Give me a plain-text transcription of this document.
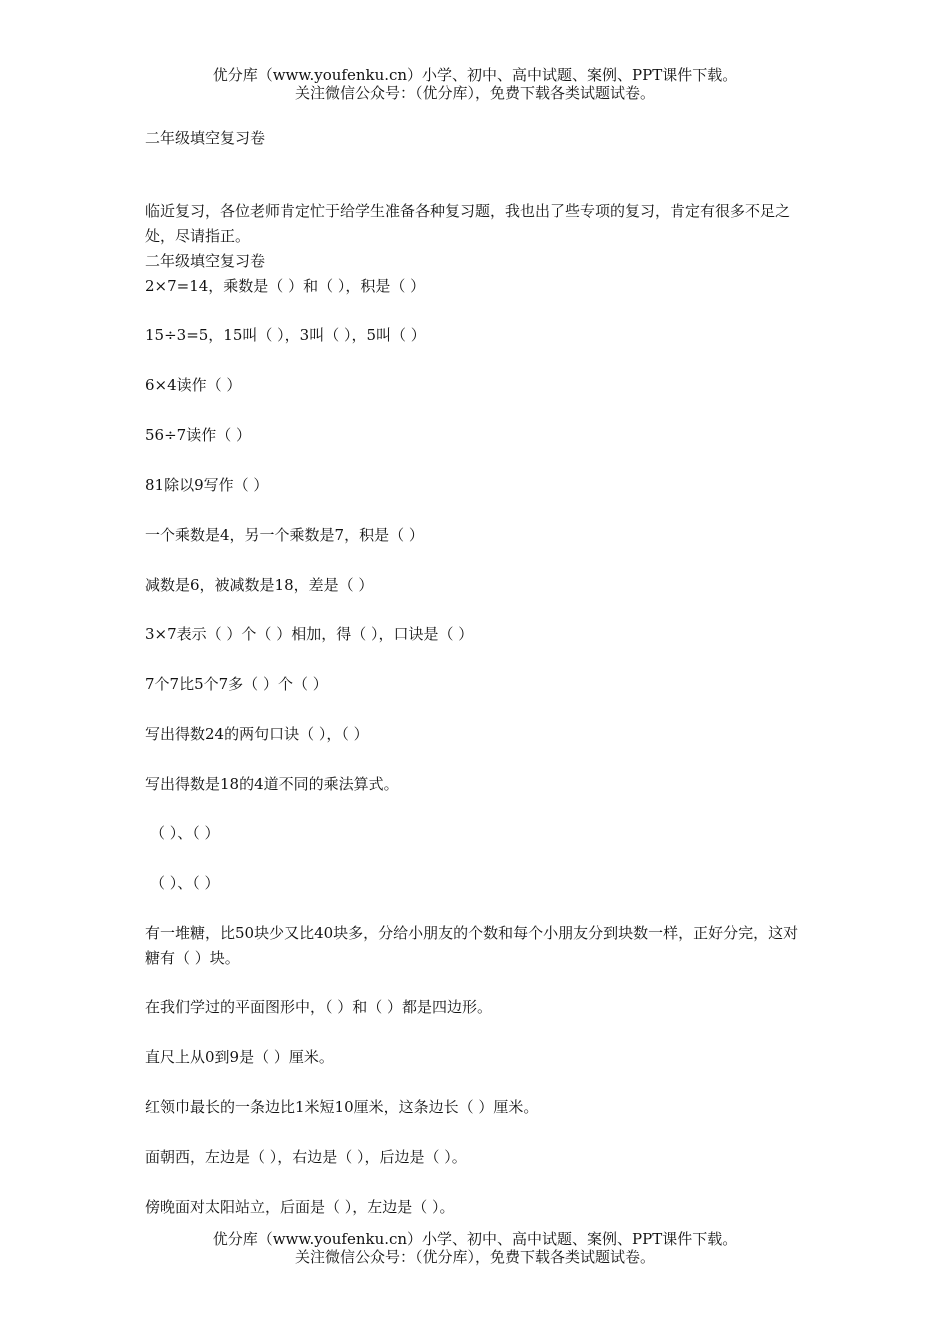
优分库（www.youfenku.cn）小学、初中、高中试题、案例、PPT课件下载。
关注微信公众号：（优分库），免费下载各类试题试卷。
二年级填空复习卷
临近复习，各位老师肯定忙于给学生准备各种复习题，我也出了些专项的复习，肯定有很多不足之处，尽请指正。
二年级填空复习卷
2×7=14，乘数是（ ）和（ ），积是（ ）
15÷3=5，15叫（ ），3叫（ ），5叫（ ）
6×4读作（ ）
56÷7读作（ ）
81除以9写作（ ）
一个乘数是4，另一个乘数是7，积是（ ）
减数是6，被减数是18，差是（ ）
3×7表示（ ）个（ ）相加，得（ ），口诀是（ ）
7个7比5个7多（ ）个（ ）
写出得数24的两句口诀（ ），（ ）
写出得数是18的4道不同的乘法算式。
（ ）、（ ）
（ ）、（ ）
有一堆糖，比50块少又比40块多，分给小朋友的个数和每个小朋友分到块数一样，正好分完，这对糖有（ ）块。
在我们学过的平面图形中，（ ）和（ ）都是四边形。
直尺上从0到9是（ ）厘米。
红领巾最长的一条边比1米短10厘米，这条边长（ ）厘米。
面朝西，左边是（ ），右边是（ ），后边是（ ）。
傍晚面对太阳站立，后面是（ ），左边是（ ）。
优分库（www.youfenku.cn）小学、初中、高中试题、案例、PPT课件下载。
关注微信公众号：（优分库），免费下载各类试题试卷。
